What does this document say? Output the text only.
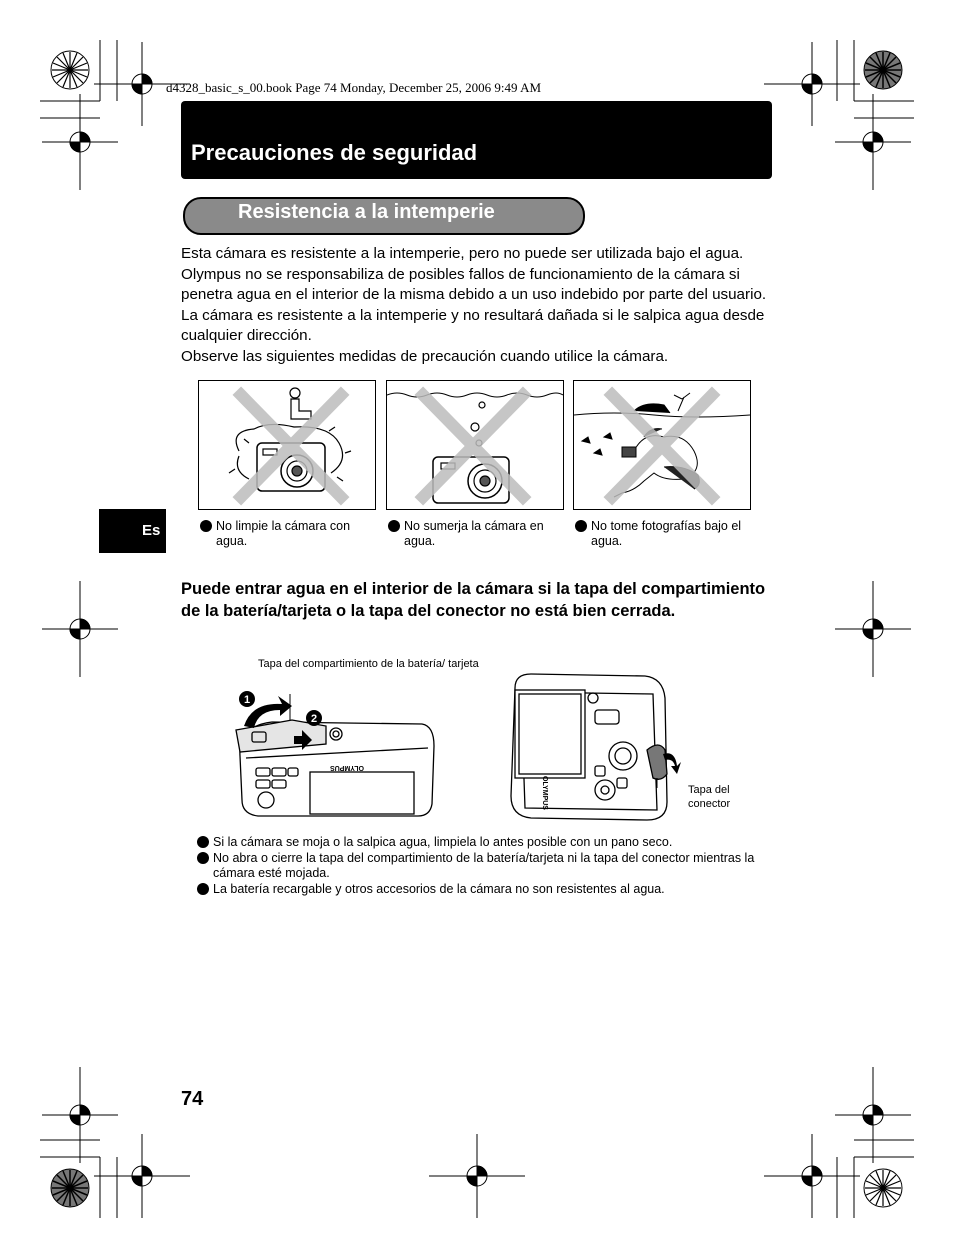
d4328_basic_s_00.book Page 74 Monday, December 25, 2006 9:49 AM
Precauciones de seguridad
Resistencia a la intemperie

Esta cámara es resistente a la intemperie, pero no puede ser utilizada bajo el agua. Olympus no se responsabiliza de posibles fallos de funcionamiento de la cámara si penetra agua en el interior de la misma debido a un uso indebido por parte del usuario. La cámara es resistente a la intemperie y no resultará dañada si le salpica agua desde cualquier dirección.

Observe las siguientes medidas de precaución cuando utilice la cámara.

No limpie la cámara con agua.
No sumerja la cámara en agua.
No tome fotografías bajo el agua.
Es
Puede entrar agua en el interior de la cámara si la tapa del compartimiento de la batería/tarjeta o la tapa del conector no está bien cerrada.
Tapa del compartimiento de la batería/ tarjeta
OLYMPUS
1
2
OLYMPUS	Tapa del conector
Si la cámara se moja o la salpica agua, limpiela lo antes posible con un pano seco.
No abra o cierre la tapa del compartimiento de la batería/tarjeta ni la tapa del conector mientras la cámara esté mojada.
La batería recargable y otros accesorios de la cámara no son resistentes al agua.
74
